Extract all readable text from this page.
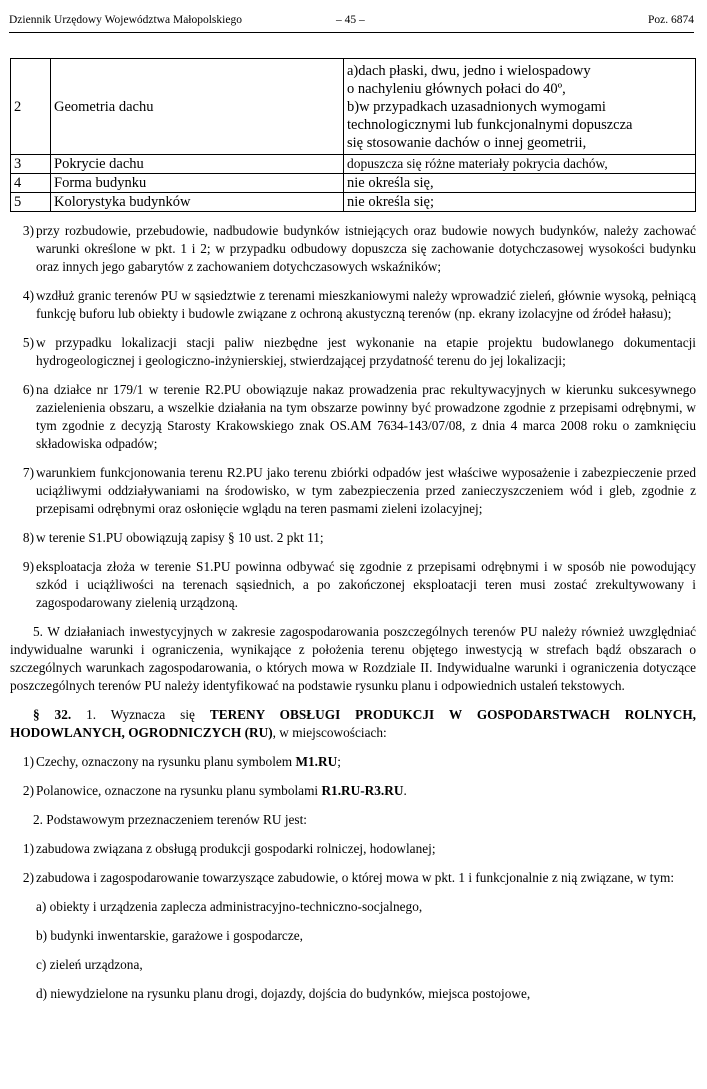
Dziennik Urzędowy Województwa Małopolskiego	– 45 –	Poz. 6874
2	Geometria dachu	a)dach płaski, dwu, jedno i wielospadowy
o nachyleniu głównych połaci do 40º,
b)w przypadkach uzasadnionych wymogami
technologicznymi lub funkcjonalnymi dopuszcza
się stosowanie dachów o innej geometrii,

3	Pokrycie dachu	dopuszcza się różne materiały pokrycia dachów,
4	Forma budynku	nie określa się,
5	Kolorystyka budynków	nie określa się;
3) przy rozbudowie, przebudowie, nadbudowie budynków istniejących oraz budowie nowych budynków, należy zachować warunki określone w pkt. 1 i 2; w przypadku odbudowy dopuszcza się zachowanie dotychczasowej wysokości budynku oraz innych jego gabarytów z zachowaniem dotychczasowych wskaźników;
4) wzdłuż granic terenów PU w sąsiedztwie z terenami mieszkaniowymi należy wprowadzić zieleń, głównie wysoką, pełniącą funkcję buforu lub obiekty i budowle związane z ochroną akustyczną terenów (np. ekrany izolacyjne od źródeł hałasu);
5) w przypadku lokalizacji stacji paliw niezbędne jest wykonanie na etapie projektu budowlanego dokumentacji hydrogeologicznej i geologiczno-inżynierskiej, stwierdzającej przydatność terenu do jej lokalizacji;
6) na działce nr 179/1 w terenie R2.PU obowiązuje nakaz prowadzenia prac rekultywacyjnych w kierunku sukcesywnego zazielenienia obszaru, a wszelkie działania na tym obszarze powinny być prowadzone zgodnie z przepisami odrębnymi, w tym zgodnie z decyzją Starosty Krakowskiego znak OS.AM 7634-143/07/08, z dnia 4 marca 2008 roku o zamknięciu składowiska odpadów;
7) warunkiem funkcjonowania terenu R2.PU jako terenu zbiórki odpadów jest właściwe wyposażenie i zabezpieczenie przed uciążliwymi oddziaływaniami na środowisko, w tym zabezpieczenia przed zanieczyszczeniem wód i gleb, zgodnie z przepisami odrębnymi oraz osłonięcie wglądu na teren pasmami zieleni izolacyjnej;
8) w terenie S1.PU obowiązują zapisy § 10 ust. 2 pkt 11;
9) eksploatacja złoża w terenie S1.PU powinna odbywać się zgodnie z przepisami odrębnymi i w sposób nie powodujący szkód i uciążliwości na terenach sąsiednich, a po zakończonej eksploatacji teren musi zostać zrekultywowany i zagospodarowany zielenią urządzoną.
5. W działaniach inwestycyjnych w zakresie zagospodarowania poszczególnych terenów PU należy również uwzględniać indywidualne warunki i ograniczenia, wynikające z położenia terenu objętego inwestycją w strefach bądź obszarach o szczególnych warunkach zagospodarowania, o których mowa w Rozdziale II. Indywidualne warunki i ograniczenia dotyczące poszczególnych terenów PU należy identyfikować na podstawie rysunku planu i odpowiednich ustaleń tekstowych.
§ 32. 1. Wyznacza się TERENY OBSŁUGI PRODUKCJI W GOSPODARSTWACH ROLNYCH, HODOWLANYCH, OGRODNICZYCH (RU), w miejscowościach:
1) Czechy, oznaczony na rysunku planu symbolem M1.RU;
2) Polanowice, oznaczone na rysunku planu symbolami R1.RU-R3.RU.
2. Podstawowym przeznaczeniem terenów RU jest:
1) zabudowa związana z obsługą produkcji gospodarki rolniczej, hodowlanej;
2) zabudowa i zagospodarowanie towarzyszące zabudowie, o której mowa w pkt. 1 i funkcjonalnie z nią związane, w tym:
a) obiekty i urządzenia zaplecza administracyjno-techniczno-socjalnego,
b) budynki inwentarskie, garażowe i gospodarcze,
c) zieleń urządzona,
d) niewydzielone na rysunku planu drogi, dojazdy, dojścia do budynków, miejsca postojowe,
